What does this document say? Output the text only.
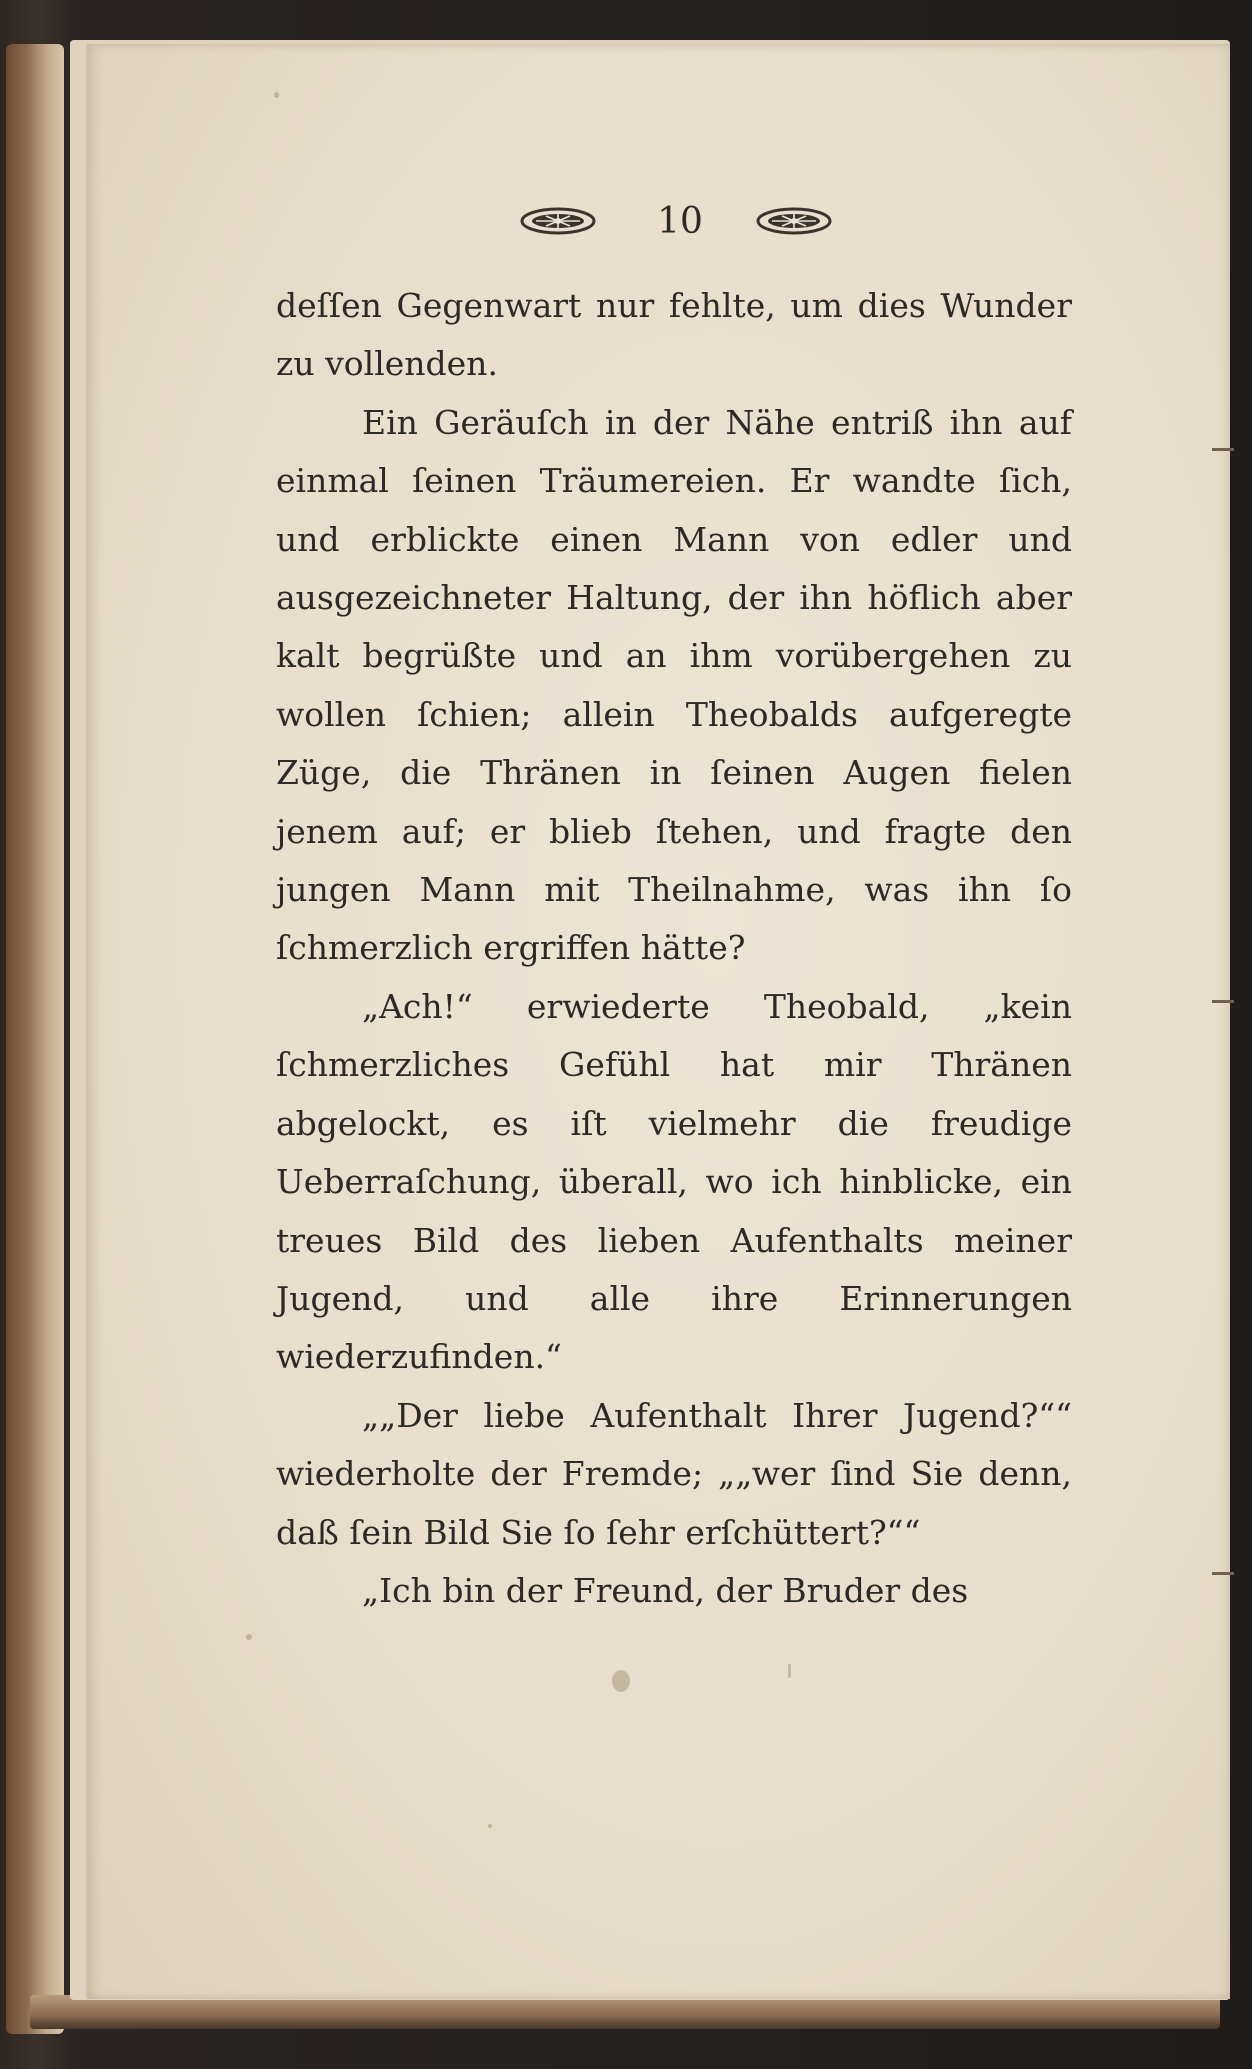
10

deſſen Gegenwart nur fehlte, um dies Wunder zu vollenden.

Ein Geräuſch in der Nähe entriß ihn auf einmal ſeinen Träumereien. Er wandte ſich, und erblickte einen Mann von edler und ausgezeichneter Haltung, der ihn höflich aber kalt begrüßte und an ihm vorübergehen zu wollen ſchien; allein Theobalds aufgeregte Züge, die Thränen in ſeinen Augen fielen jenem auf; er blieb ſtehen, und fragte den jungen Mann mit Theilnahme, was ihn ſo ſchmerzlich ergriffen hätte?

„Ach!“ erwiederte Theobald, „kein ſchmerzliches Gefühl hat mir Thränen abgelockt, es iſt vielmehr die freudige Ueberraſchung, überall, wo ich hinblicke, ein treues Bild des lieben Aufenthalts meiner Jugend, und alle ihre Erinnerungen wiederzufinden.“

„„Der liebe Aufenthalt Ihrer Jugend?““ wiederholte der Fremde; „„wer ſind Sie denn, daß ſein Bild Sie ſo ſehr erſchüttert?““

„Ich bin der Freund, der Bruder des
